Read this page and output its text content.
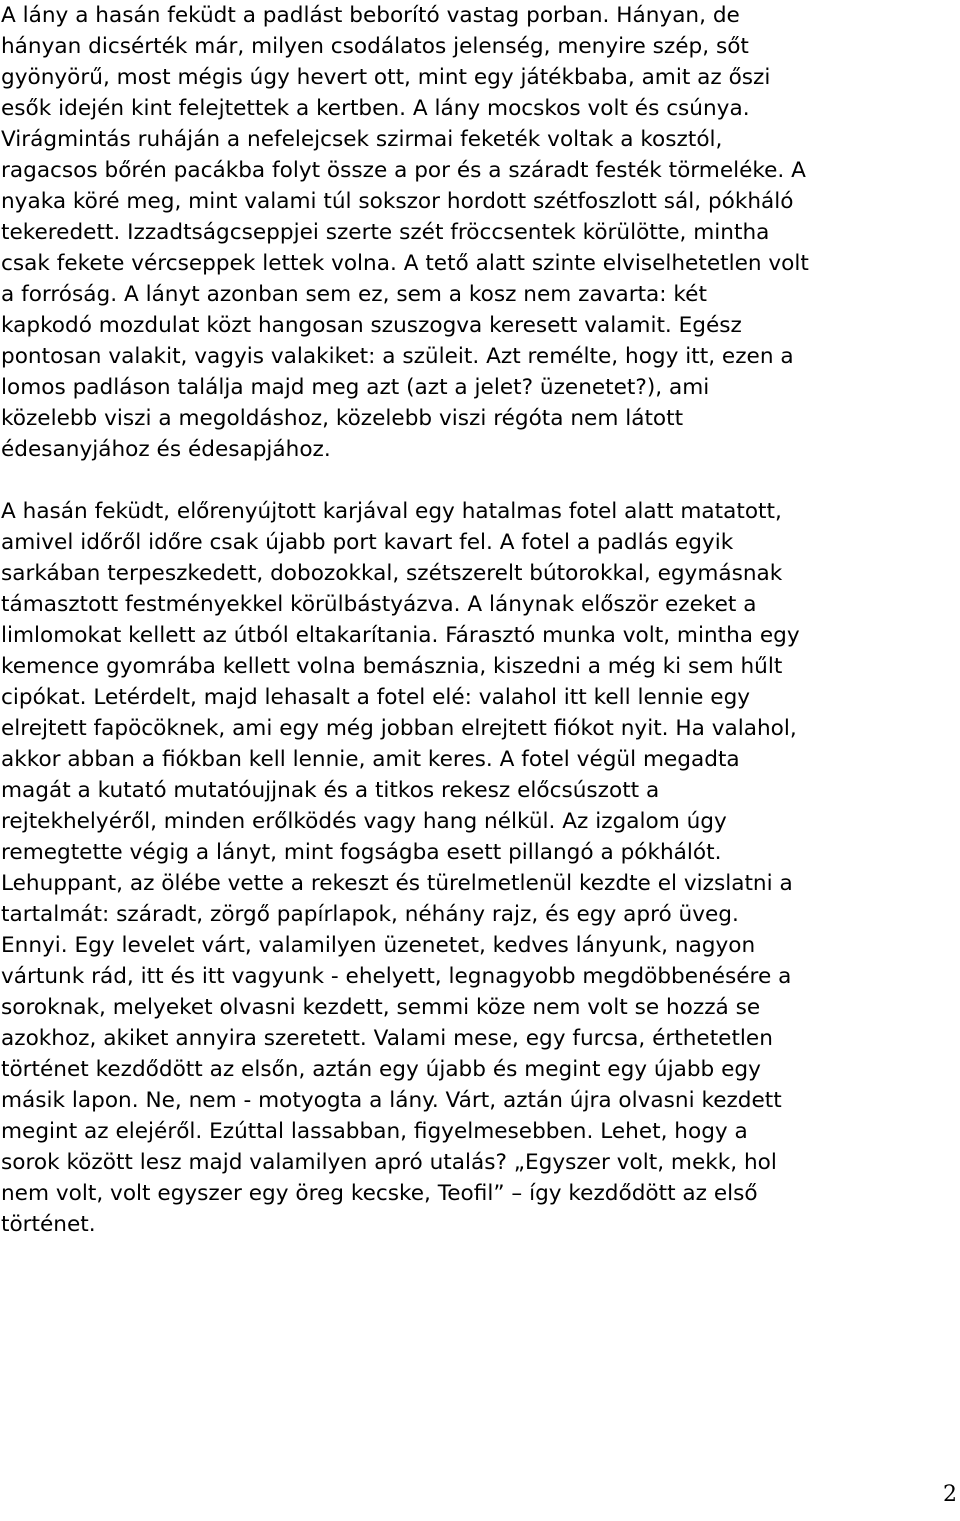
A lány a hasán feküdt a padlást beborító vastag porban. Hányan, de
hányan dicsérték már, milyen csodálatos jelenség, menyire szép, sőt
gyönyörű, most mégis úgy hevert ott, mint egy játékbaba, amit az őszi
esők idején kint felejtettek a kertben. A lány mocskos volt és csúnya.
Virágmintás ruháján a nefelejcsek szirmai feketék voltak a kosztól,
ragacsos bőrén pacákba folyt össze a por és a száradt festék törmeléke. A
nyaka köré meg, mint valami túl sokszor hordott szétfoszlott sál, pókháló
tekeredett. Izzadtságcseppjei szerte szét fröccsentek körülötte, mintha
csak fekete vércseppek lettek volna. A tető alatt szinte elviselhetetlen volt
a forróság. A lányt azonban sem ez, sem a kosz nem zavarta: két
kapkodó mozdulat közt hangosan szuszogva keresett valamit. Egész
pontosan valakit, vagyis valakiket: a szüleit. Azt remélte, hogy itt, ezen a
lomos padláson találja majd meg azt (azt a jelet? üzenetet?), ami
közelebb viszi a megoldáshoz, közelebb viszi régóta nem látott
édesanyjához és édesapjához.

A hasán feküdt, előrenyújtott karjával egy hatalmas fotel alatt matatott,
amivel időről időre csak újabb port kavart fel. A fotel a padlás egyik
sarkában terpeszkedett, dobozokkal, szétszerelt bútorokkal, egymásnak
támasztott festményekkel körülbástyázva. A lánynak először ezeket a
limlomokat kellett az útból eltakarítania. Fárasztó munka volt, mintha egy
kemence gyomrába kellett volna bemásznia, kiszedni a még ki sem hűlt
cipókat. Letérdelt, majd lehasalt a fotel elé: valahol itt kell lennie egy
elrejtett fapöcöknek, ami egy még jobban elrejtett fiókot nyit. Ha valahol,
akkor abban a fiókban kell lennie, amit keres. A fotel végül megadta
magát a kutató mutatóujjnak és a titkos rekesz előcsúszott a
rejtekhelyéről, minden erőlködés vagy hang nélkül. Az izgalom úgy
remegtette végig a lányt, mint fogságba esett pillangó a pókhálót.
Lehuppant, az ölébe vette a rekeszt és türelmetlenül kezdte el vizslatni a
tartalmát: száradt, zörgő papírlapok, néhány rajz, és egy apró üveg.
Ennyi. Egy levelet várt, valamilyen üzenetet, kedves lányunk, nagyon
vártunk rád, itt és itt vagyunk - ehelyett, legnagyobb megdöbbenésére a
soroknak, melyeket olvasni kezdett, semmi köze nem volt se hozzá se
azokhoz, akiket annyira szeretett. Valami mese, egy furcsa, érthetetlen
történet kezdődött az elsőn, aztán egy újabb és megint egy újabb egy
másik lapon. Ne, nem - motyogta a lány. Várt, aztán újra olvasni kezdett
megint az elejéről. Ezúttal lassabban, figyelmesebben. Lehet, hogy a
sorok között lesz majd valamilyen apró utalás? „Egyszer volt, mekk, hol
nem volt, volt egyszer egy öreg kecske, Teofil” – így kezdődött az első
történet.

2
